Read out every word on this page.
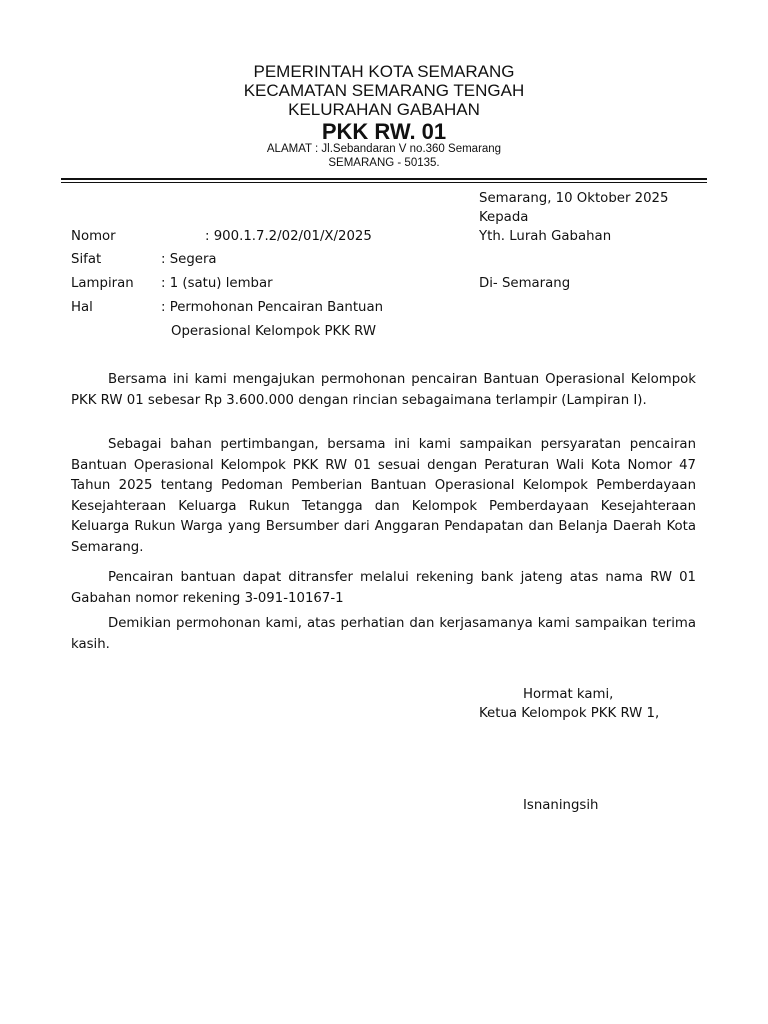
PEMERINTAH KOTA SEMARANG
KECAMATAN SEMARANG TENGAH
KELURAHAN GABAHAN
PKK RW. 01
ALAMAT : Jl.Sebandaran V no.360 Semarang
SEMARANG - 50135.
Semarang, 10 Oktober 2025
Kepada
Yth. Lurah Gabahan
Di- Semarang
Nomor	: 900.1.7.2/02/01/X/2025
Sifat	: Segera
Lampiran : 1 (satu) lembar
Hal	: Permohonan Pencairan Bantuan
Operasional Kelompok PKK RW
Bersama ini kami mengajukan permohonan pencairan Bantuan Operasional Kelompok PKK RW 01 sebesar Rp 3.600.000 dengan rincian sebagaimana terlampir (Lampiran I).
Sebagai bahan pertimbangan, bersama ini kami sampaikan persyaratan pencairan Bantuan Operasional Kelompok PKK RW 01 sesuai dengan Peraturan Wali Kota Nomor 47 Tahun 2025 tentang Pedoman Pemberian Bantuan Operasional Kelompok Pemberdayaan Kesejahteraan Keluarga Rukun Tetangga dan Kelompok Pemberdayaan Kesejahteraan Keluarga Rukun Warga yang Bersumber dari Anggaran Pendapatan dan Belanja Daerah Kota Semarang.
Pencairan bantuan dapat ditransfer melalui rekening bank jateng atas nama RW 01 Gabahan nomor rekening 3-091-10167-1
Demikian permohonan kami, atas perhatian dan kerjasamanya kami sampaikan terima kasih.
Hormat kami,
Ketua Kelompok PKK RW 1,
Isnaningsih
